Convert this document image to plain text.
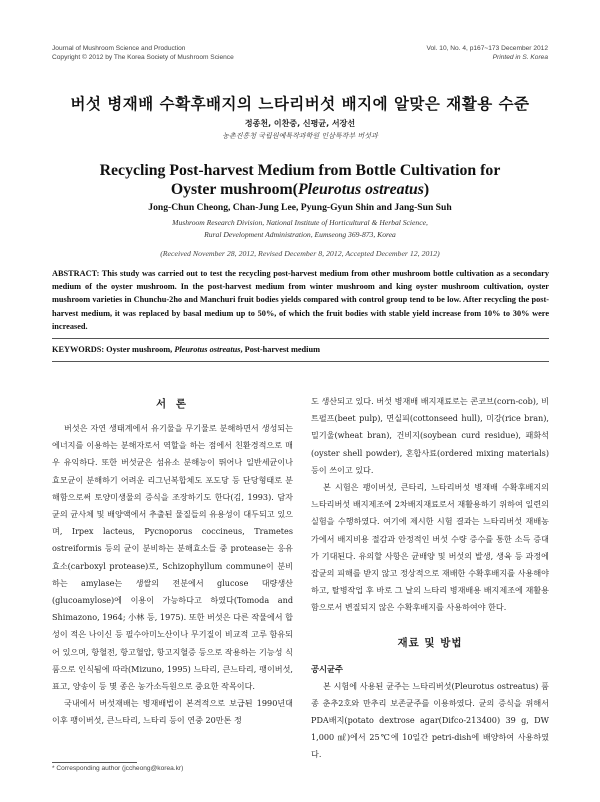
Journal of Mushroom Science and Production
Copyright © 2012 by The Korea Society of Mushroom Science
Vol. 10, No. 4, p167~173 December 2012
Printed in S. Korea
버섯 병재배 수확후배지의 느타리버섯 배지에 알맞은 재활용 수준
정종천, 이찬중, 신평균, 서장선
농촌진흥청 국립원예특작과학원 인삼특작부 버섯과
Recycling Post-harvest Medium from Bottle Cultivation for
Oyster mushroom(Pleurotus ostreatus)
Jong-Chun Cheong, Chan-Jung Lee, Pyung-Gyun Shin and Jang-Sun Suh
Mushroom Research Division, National Institute of Horticultural & Herbal Science,
Rural Development Administration, Eumseong 369-873, Korea
(Received November 28, 2012, Revised December 8, 2012, Accepted December 12, 2012)
ABSTRACT: This study was carried out to test the recycling post-harvest medium from other mushroom bottle cultivation as a secondary medium of the oyster mushroom. In the post-harvest medium from winter mushroom and king oyster mushroom cultivation, oyster mushroom varieties in Chunchu-2ho and Manchuri fruit bodies yields compared with control group tend to be low. After recycling the post-harvest medium, it was replaced by basal medium up to 50%, of which the fruit bodies with stable yield increase from 10% to 30% were increased.
KEYWORDS: Oyster mushroom, Pleurotus ostreatus, Post-harvest medium
서 론

버섯은 자연 생태계에서 유기물을 무기물로 분해하면서 생성되는 에너지를 이용하는 분해자로서 역할을 하는 점에서 친환경적으로 매우 유익하다. 또한 버섯균은 섬유소 분해능이 뛰어나 일반세균이나 효모균이 분해하기 어려운 리그닌복합체도 포도당 등 단당형태로 분해함으로써 토양미생물의 증식을 조장하기도 한다(김, 1993). 담자균의 균사체 및 배양액에서 추출된 물질들의 유용성이 대두되고 있으며, Irpex lacteus, Pycnoporus coccineus, Trametes ostreiformis 등의 균이 분비하는 분해효소들 중 protease는 응유효소(carboxyl protease)로, Schizophyllum commune이 분비하는 amylase는 생쌀의 전분에서 glucose 대량생산(glucoamylose)에 이용이 가능하다고 하였다(Tomoda and Shimazono, 1964; 小林 등, 1975). 또한 버섯은 다른 작물에서 합성이 적은 나이신 등 필수아미노산이나 무기질이 비교적 고루 함유되어 있으며, 항혈전, 항고혈압, 항고지혈증 등으로 작용하는 기능성 식품으로 인식됨에 따라(Mizuno, 1995) 느타리, 큰느타리, 팽이버섯, 표고, 양송이 등 몇 종은 농가소득원으로 중요한 작목이다.

국내에서 버섯재배는 병재배법이 본격적으로 보급된 1990년대 이후 팽이버섯, 큰느타리, 느타리 등이 연중 20만톤 정

도 생산되고 있다. 버섯 병재배 배지재료로는 콘코브(corn-cob), 비트펄프(beet pulp), 면실피(cottonseed hull), 미강(rice bran), 밀기울(wheat bran), 건비지(soybean curd residue), 패화석(oyster shell powder), 혼합사료(ordered mixing materials) 등이 쓰이고 있다.

본 시험은 팽이버섯, 큰타리, 느타리버섯 병재배 수확후배지의 느타리버섯 배지제조에 2차배지재료로서 재활용하기 위하여 일련의 실험을 수행하였다. 여기에 제시한 시험 결과는 느타리버섯 재배농가에서 배지비용 절감과 안정적인 버섯 수량 증수를 통한 소득 증대가 기대된다. 유의할 사항은 균배양 및 버섯의 발생, 생육 등 과정에 잡균의 피해를 받지 않고 정상적으로 재배한 수확후배지를 사용해야 하고, 탈병작업 후 바로 그 날의 느타리 병재배용 배지제조에 재활용 함으로서 변질되지 않은 수확후배지를 사용하여야 한다.

재료 및 방법
공시균주

본 시험에 사용된 균주는 느타리버섯(Pleurotus ostreatus) 품종 춘추2호와 만추리 보존균주를 이용하였다. 균의 증식을 위해서 PDA배지(potato dextrose agar(Difco-213400) 39 g, DW 1,000 ㎖)에서 25℃에 10일간 petri-dish에 배양하여 사용하였다.

* Corresponding author (jccheong@korea.kr)
